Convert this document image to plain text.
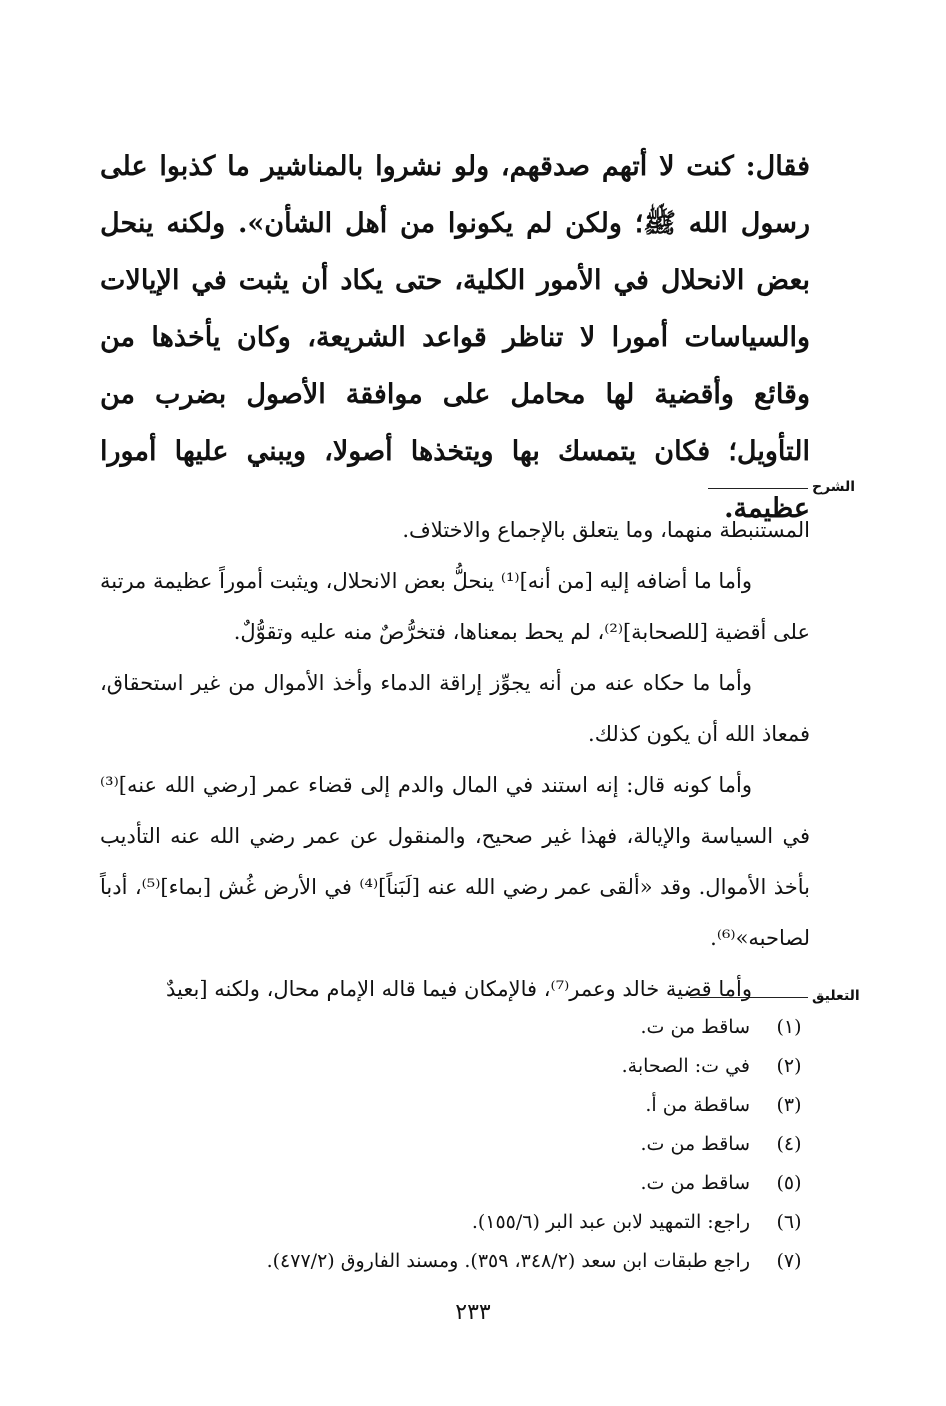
فقال: كنت لا أتهم صدقهم، ولو نشروا بالمناشير ما كذبوا على رسول الله ﷺ؛ ولكن لم يكونوا من أهل الشأن». ولكنه ينحل بعض الانحلال في الأمور الكلية، حتى يكاد أن يثبت في الإيالات والسياسات أمورا لا تناظر قواعد الشريعة، وكان يأخذها من وقائع وأقضية لها محامل على موافقة الأصول بضرب من التأويل؛ فكان يتمسك بها ويتخذها أصولا، ويبني عليها أمورا عظيمة.
الشرح

المستنبطة منهما، وما يتعلق بالإجماع والاختلاف.

وأما ما أضافه إليه [من أنه]⁽¹⁾ ينحلُّ بعض الانحلال، ويثبت أموراً عظيمة مرتبة على أقضية [للصحابة]⁽²⁾، لم يحط بمعناها، فتخرُّصٌ منه عليه وتقوُّلٌ.

وأما ما حكاه عنه من أنه يجوِّز إراقة الدماء وأخذ الأموال من غير استحقاق، فمعاذ الله أن يكون كذلك.

وأما كونه قال: إنه استند في المال والدم إلى قضاء عمر [رضي الله عنه]⁽³⁾ في السياسة والإيالة، فهذا غير صحيح، والمنقول عن عمر رضي الله عنه التأديب بأخذ الأموال. وقد «ألقى عمر رضي الله عنه [لَبَناً]⁽⁴⁾ في الأرض غُش [بماء]⁽⁵⁾، أدباً لصاحبه»⁽⁶⁾.

وأما قضية خالد وعمر⁽⁷⁾، فالإمكان فيما قاله الإمام محال، ولكنه [بعيدٌ	التعليق
(١)
ساقط من ت.
(٢)
في ت: الصحابة.
(٣)
ساقطة من أ.
(٤)
ساقط من ت.
(٥)
ساقط من ت.
(٦)
راجع: التمهيد لابن عبد البر (١٥٥/٦).
(٧)
راجع طبقات ابن سعد (٣٤٨/٢، ٣٥٩). ومسند الفاروق (٤٧٧/٢).
٢٣٣
